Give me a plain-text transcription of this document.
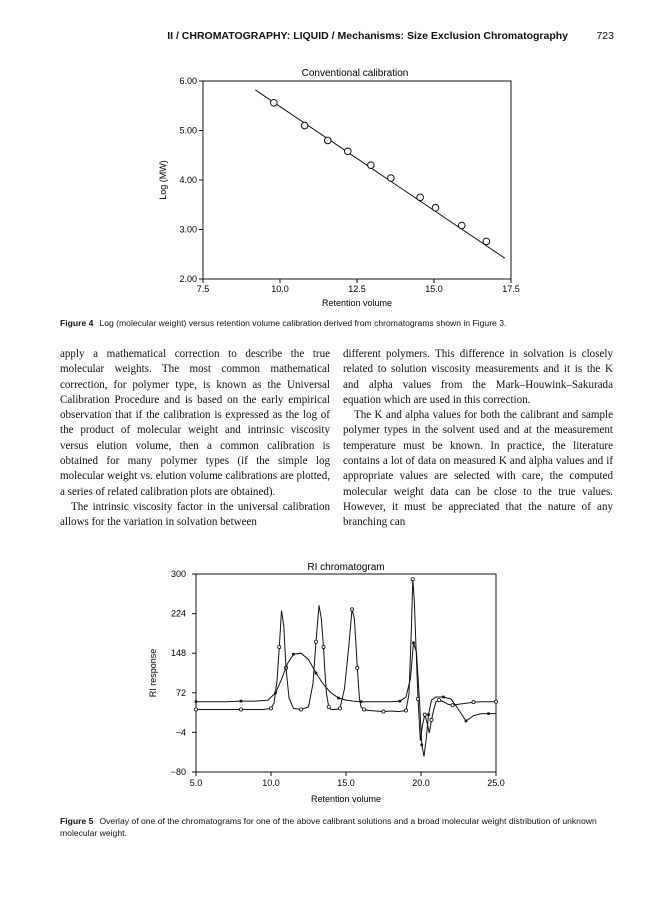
II / CHROMATOGRAPHY: LIQUID / Mechanisms: Size Exclusion Chromatography	723
Conventional calibration
2.00
3.00
4.00
5.00
6.00
7.5	10.0	12.5	15.0	17.5
Log (MW)
Retention volume
Figure 4 Log (molecular weight) versus retention volume calibration derived from chromatograms shown in Figure 3.

apply a mathematical correction to describe the true molecular weights. The most common mathematical correction, for polymer type, is known as the Universal Calibration Procedure and is based on the early empirical observation that if the calibration is expressed as the log of the product of molecular weight and intrinsic viscosity versus elution volume, then a common calibration is obtained for many polymer types (if the simple log molecular weight vs. elution volume calibrations are plotted, a series of related calibration plots are obtained).

The intrinsic viscosity factor in the universal calibration allows for the variation in solvation between

different polymers. This difference in solvation is closely related to solution viscosity measurements and it is the K and alpha values from the Mark–Houwink–Sakurada equation which are used in this correction.

The K and alpha values for both the calibrant and sample polymer types in the solvent used and at the measurement temperature must be known. In practice, the literature contains a lot of data on measured K and alpha values and if appropriate values are selected with care, the computed molecular weight data can be close to the true values. However, it must be appreciated that the nature of any branching can

RI chromatogram
300
224
148
72
−4
−80
5.0	10.0	15.0	20.0	25.0
RI response
Retention volume
Figure 5 Overlay of one of the chromatograms for one of the above calibrant solutions and a broad molecular weight distribution of unknown molecular weight.
